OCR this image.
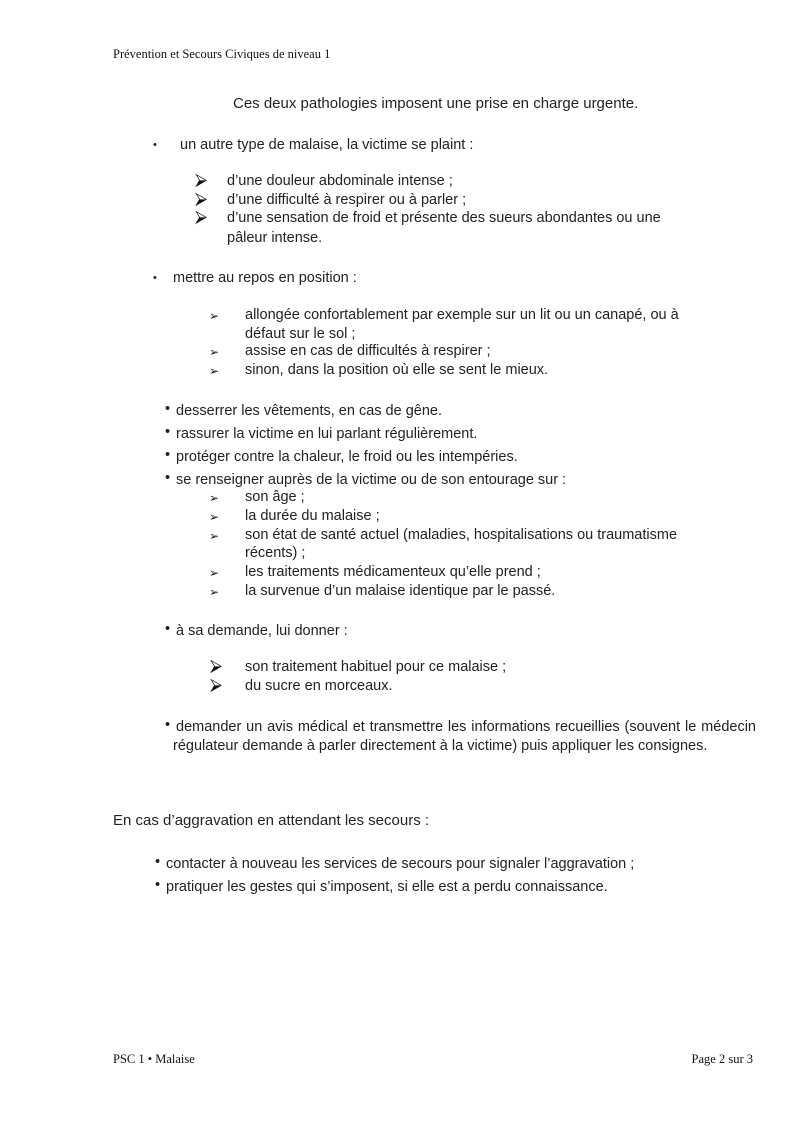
Prévention et Secours Civiques de niveau 1
Ces deux pathologies imposent une prise en charge urgente.
• un autre type de malaise, la victime se plaint :
⮚ d’une douleur abdominale intense ;
⮚ d’une difficulté à respirer ou à parler ;
⮚ d’une sensation de froid et présente des sueurs abondantes ou une
pâleur intense.
• mettre au repos en position :
➢ allongée confortablement par exemple sur un lit ou un canapé, ou à
défaut sur le sol ;
➢ assise en cas de difficultés à respirer ;
➢ sinon, dans la position où elle se sent le mieux.
• desserrer les vêtements, en cas de gêne.
• rassurer la victime en lui parlant régulièrement.
• protéger contre la chaleur, le froid ou les intempéries.
• se renseigner auprès de la victime ou de son entourage sur :
➢ son âge ;
➢ la durée du malaise ;
➢ son état de santé actuel (maladies, hospitalisations ou traumatisme
récents) ;
➢ les traitements médicamenteux qu’elle prend ;
➢ la survenue d’un malaise identique par le passé.
• à sa demande, lui donner :
⮚ son traitement habituel pour ce malaise ;
⮚ du sucre en morceaux.
• demander un avis médical et transmettre les informations recueillies (souvent le médecin régulateur demande à parler directement à la victime) puis appliquer les consignes.
En cas d’aggravation en attendant les secours :
• contacter à nouveau les services de secours pour signaler l’aggravation ;
• pratiquer les gestes qui s’imposent, si elle est a perdu connaissance.
PSC 1 • Malaise	Page 2 sur 3
